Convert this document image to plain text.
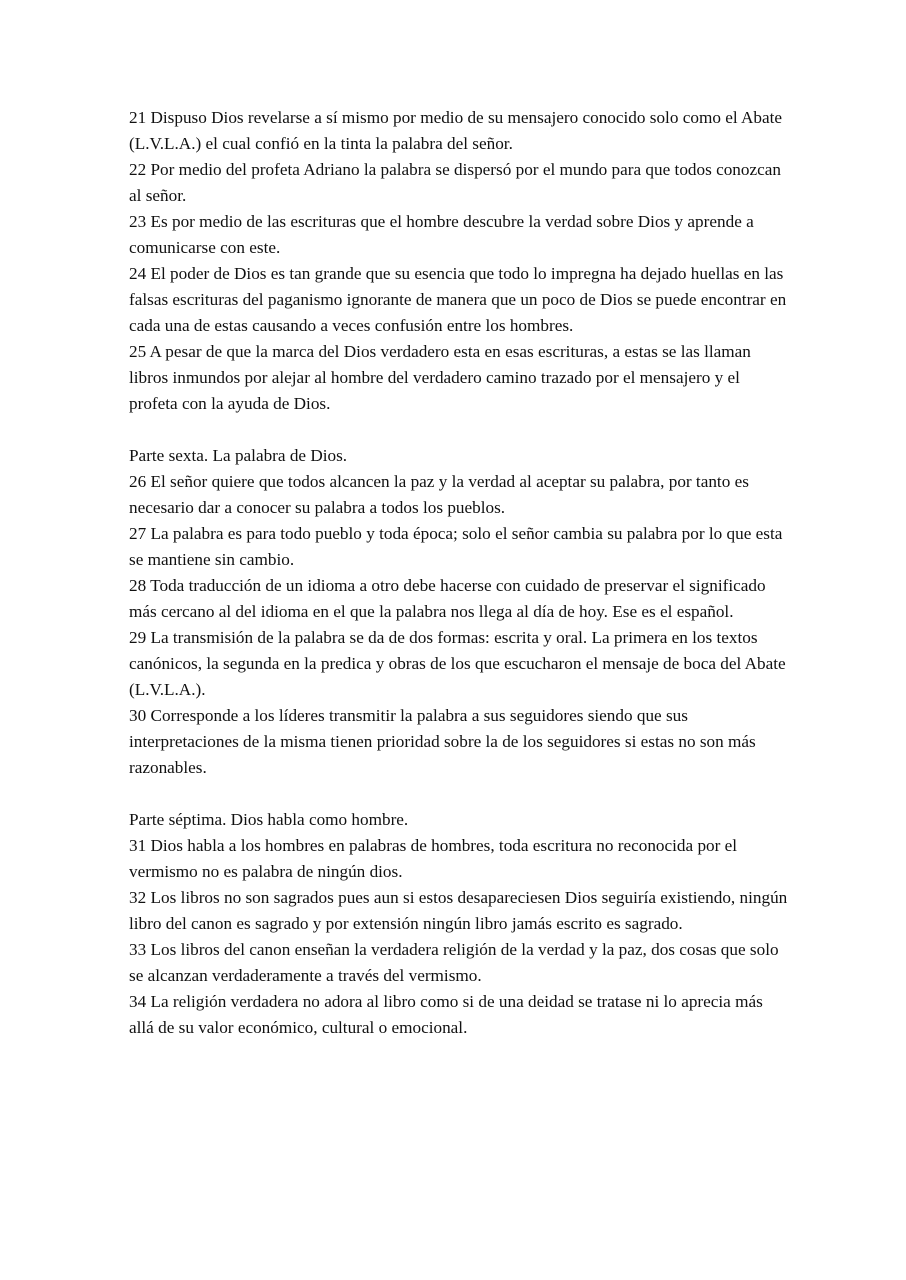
21 Dispuso Dios revelarse a sí mismo por medio de su mensajero conocido solo como el Abate (L.V.L.A.) el cual confió en la tinta la palabra del señor.

22 Por medio del profeta Adriano la palabra se dispersó por el mundo para que todos conozcan al señor.

23 Es por medio de las escrituras que el hombre descubre la verdad sobre Dios y aprende a comunicarse con este.

24 El poder de Dios es tan grande que su esencia que todo lo impregna ha dejado huellas en las falsas escrituras del paganismo ignorante de manera que un poco de Dios se puede encontrar en cada una de estas causando a veces confusión entre los hombres.

25 A pesar de que la marca del Dios verdadero esta en esas escrituras, a estas se las llaman libros inmundos por alejar al hombre del verdadero camino trazado por el mensajero y el profeta con la ayuda de Dios.

Parte sexta. La palabra de Dios.

26 El señor quiere que todos alcancen la paz y la verdad al aceptar su palabra, por tanto es necesario dar a conocer su palabra a todos los pueblos.

27 La palabra es para todo pueblo y toda época; solo el señor cambia su palabra por lo que esta se mantiene sin cambio.

28 Toda traducción de un idioma a otro debe hacerse con cuidado de preservar el significado más cercano al del idioma en el que la palabra nos llega al día de hoy. Ese es el español.

29 La transmisión de la palabra se da de dos formas: escrita y oral. La primera en los textos canónicos, la segunda en la predica y obras de los que escucharon el mensaje de boca del Abate (L.V.L.A.).

30 Corresponde a los líderes transmitir la palabra a sus seguidores siendo que sus interpretaciones de la misma tienen prioridad sobre la de los seguidores si estas no son más razonables.

Parte séptima. Dios habla como hombre.

31 Dios habla a los hombres en palabras de hombres, toda escritura no reconocida por el vermismo no es palabra de ningún dios.

32 Los libros no son sagrados pues aun si estos desapareciesen Dios seguiría existiendo, ningún libro del canon es sagrado y por extensión ningún libro jamás escrito es sagrado.

33 Los libros del canon enseñan la verdadera religión de la verdad y la paz, dos cosas que solo se alcanzan verdaderamente a través del vermismo.

34 La religión verdadera no adora al libro como si de una deidad se tratase ni lo aprecia más allá de su valor económico, cultural o emocional.
